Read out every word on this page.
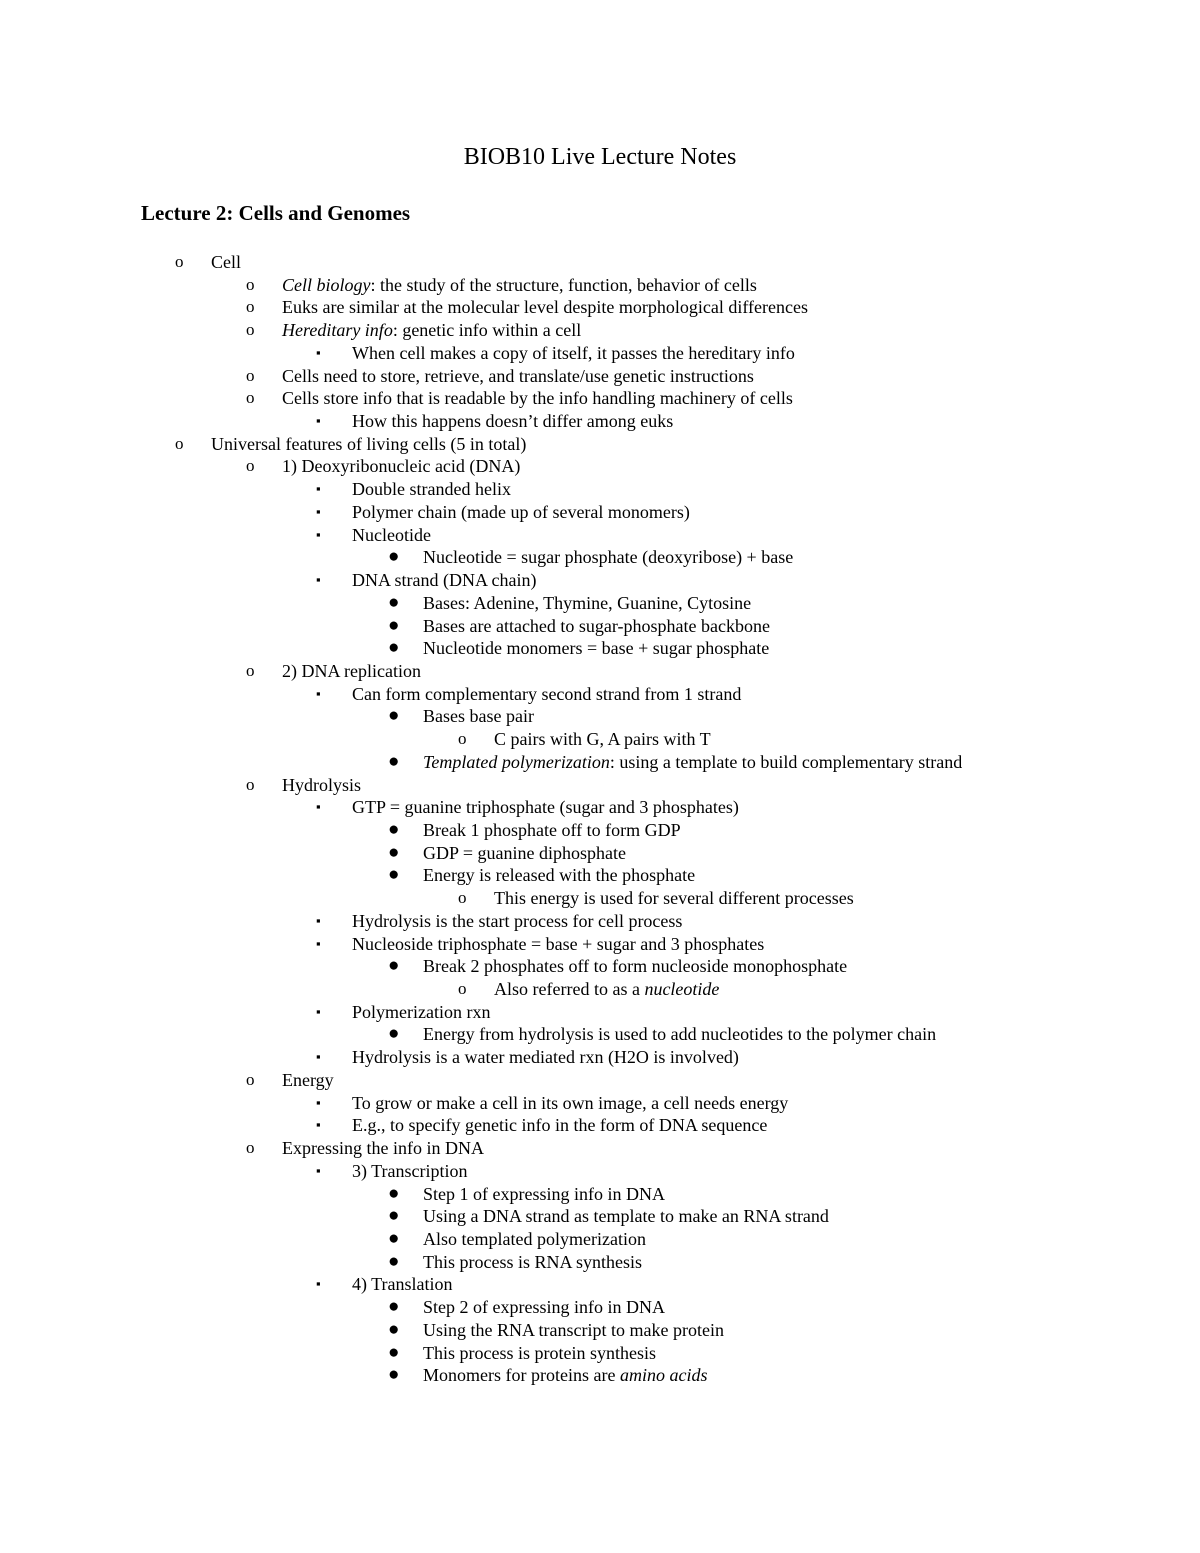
BIOB10 Live Lecture Notes
Lecture 2: Cells and Genomes
o	Cell
o	Cell biology: the study of the structure, function, behavior of cells
o	Euks are similar at the molecular level despite morphological differences
o	Hereditary info: genetic info within a cell
▪	When cell makes a copy of itself, it passes the hereditary info
o	Cells need to store, retrieve, and translate/use genetic instructions
o	Cells store info that is readable by the info handling machinery of cells
▪	How this happens doesn’t differ among euks
o	Universal features of living cells (5 in total)
o	1) Deoxyribonucleic acid (DNA)
▪	Double stranded helix
▪	Polymer chain (made up of several monomers)
▪	Nucleotide
●	Nucleotide = sugar phosphate (deoxyribose) + base
▪	DNA strand (DNA chain)
●	Bases: Adenine, Thymine, Guanine, Cytosine
●	Bases are attached to sugar-phosphate backbone
●	Nucleotide monomers = base + sugar phosphate
o	2) DNA replication
▪	Can form complementary second strand from 1 strand
●	Bases base pair
o	C pairs with G, A pairs with T
●	Templated polymerization: using a template to build complementary strand
o	Hydrolysis
▪	GTP = guanine triphosphate (sugar and 3 phosphates)
●	Break 1 phosphate off to form GDP
●	GDP = guanine diphosphate
●	Energy is released with the phosphate
o	This energy is used for several different processes
▪	Hydrolysis is the start process for cell process
▪	Nucleoside triphosphate = base + sugar and 3 phosphates
●	Break 2 phosphates off to form nucleoside monophosphate
o	Also referred to as a nucleotide
▪	Polymerization rxn
●	Energy from hydrolysis is used to add nucleotides to the polymer chain
▪	Hydrolysis is a water mediated rxn (H2O is involved)
o	Energy
▪	To grow or make a cell in its own image, a cell needs energy
▪	E.g., to specify genetic info in the form of DNA sequence
o	Expressing the info in DNA
▪	3) Transcription
●	Step 1 of expressing info in DNA
●	Using a DNA strand as template to make an RNA strand
●	Also templated polymerization
●	This process is RNA synthesis
▪	4) Translation
●	Step 2 of expressing info in DNA
●	Using the RNA transcript to make protein
●	This process is protein synthesis
●	Monomers for proteins are amino acids
